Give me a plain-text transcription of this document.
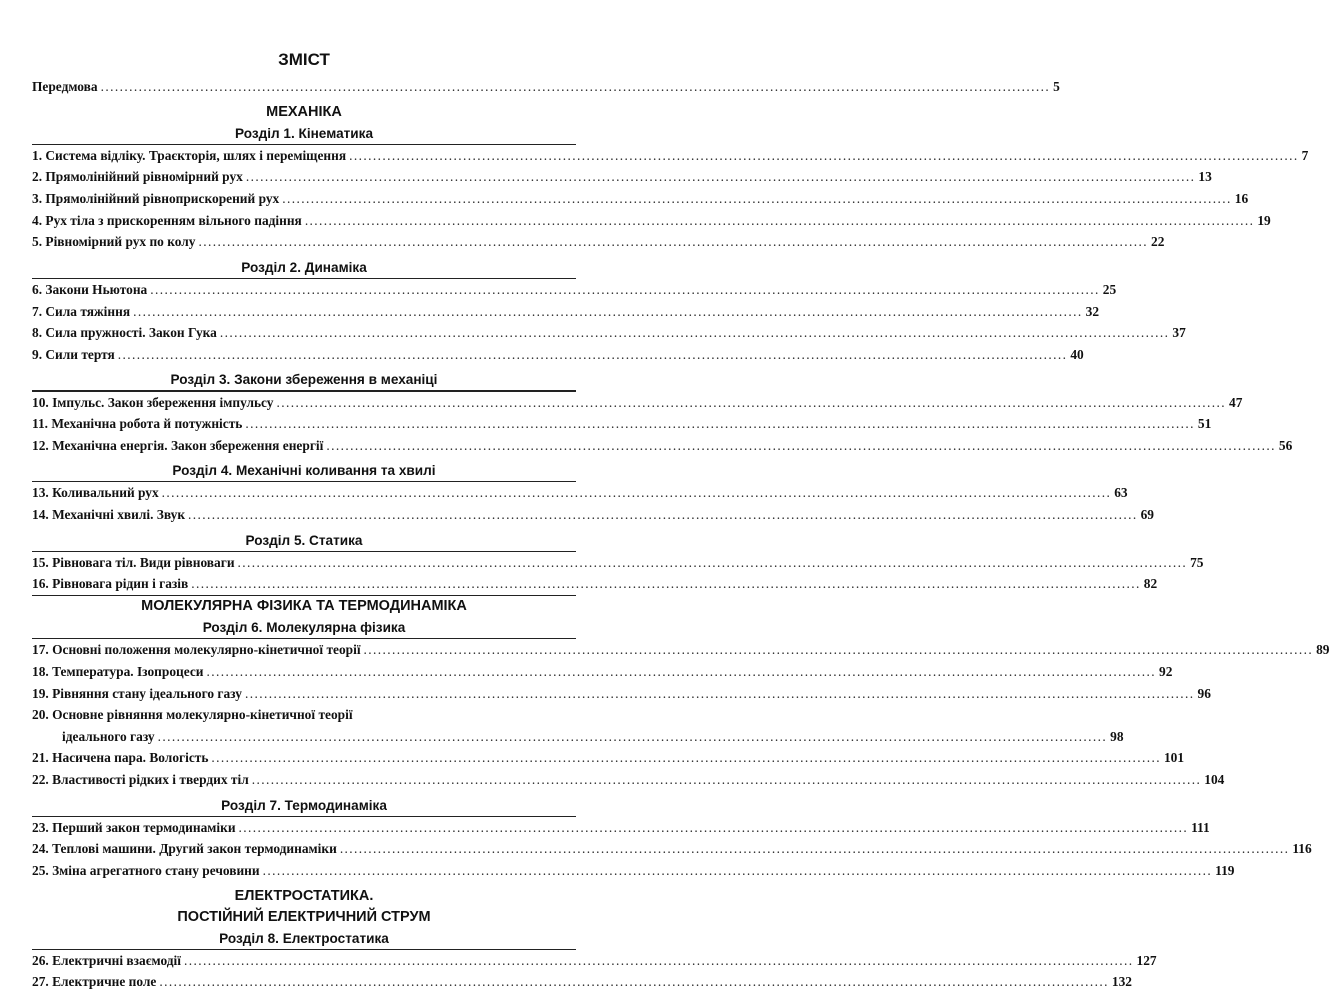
ЗМІСТ
Передмова ........................................................................................................................................................................................................ 5
МЕХАНІКА
Розділ 1. Кінематика
1. Система відліку. Траєкторія, шлях і переміщення ........................................................................................................................................................................................................ 7
2. Прямолінійний рівномірний рух ........................................................................................................................................................................................................ 13
3. Прямолінійний рівноприскорений рух ........................................................................................................................................................................................................ 16
4. Рух тіла з прискоренням вільного падіння ........................................................................................................................................................................................................ 19
5. Рівномірний рух по колу ........................................................................................................................................................................................................ 22
Розділ 2. Динаміка
6. Закони Ньютона ........................................................................................................................................................................................................ 25
7. Сила тяжіння ........................................................................................................................................................................................................ 32
8. Сила пружності. Закон Гука ........................................................................................................................................................................................................ 37
9. Сили тертя ........................................................................................................................................................................................................ 40
Розділ 3. Закони збереження в механіці
10. Імпульс. Закон збереження імпульсу ........................................................................................................................................................................................................ 47
11. Механічна робота й потужність ........................................................................................................................................................................................................ 51
12. Механічна енергія. Закон збереження енергії ........................................................................................................................................................................................................ 56
Розділ 4. Механічні коливання та хвилі
13. Коливальний рух ........................................................................................................................................................................................................ 63
14. Механічні хвилі. Звук ........................................................................................................................................................................................................ 69
Розділ 5. Статика
15. Рівновага тіл. Види рівноваги ........................................................................................................................................................................................................ 75
16. Рівновага рідин і газів ........................................................................................................................................................................................................ 82
МОЛЕКУЛЯРНА ФІЗИКА ТА ТЕРМОДИНАМІКА
Розділ 6. Молекулярна фізика
17. Основні положення молекулярно-кінетичної теорії ........................................................................................................................................................................................................ 89
18. Температура. Ізопроцеси ........................................................................................................................................................................................................ 92
19. Рівняння стану ідеального газу ........................................................................................................................................................................................................ 96
20. Основне рівняння молекулярно-кінетичної теорії
ідеального газу ........................................................................................................................................................................................................ 98
21. Насичена пара. Вологість ........................................................................................................................................................................................................ 101
22. Властивості рідких і твердих тіл ........................................................................................................................................................................................................ 104
Розділ 7. Термодинаміка
23. Перший закон термодинаміки ........................................................................................................................................................................................................ 111
24. Теплові машини. Другий закон термодинаміки ........................................................................................................................................................................................................ 116
25. Зміна агрегатного стану речовини ........................................................................................................................................................................................................ 119
ЕЛЕКТРОСТАТИКА.
ПОСТІЙНИЙ ЕЛЕКТРИЧНИЙ СТРУМ
Розділ 8. Електростатика
26. Електричні взаємодії ........................................................................................................................................................................................................ 127
27. Електричне поле ........................................................................................................................................................................................................ 132
